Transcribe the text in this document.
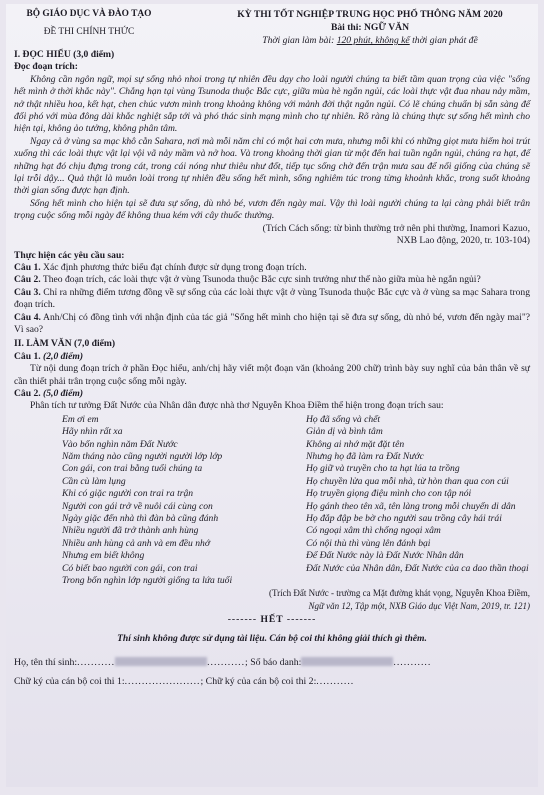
BỘ GIÁO DỤC VÀ ĐÀO TẠO
ĐỀ THI CHÍNH THỨC
KỲ THI TỐT NGHIỆP TRUNG HỌC PHỔ THÔNG NĂM 2020
Bài thi: NGỮ VĂN
Thời gian làm bài: 120 phút, không kể thời gian phát đề
I. ĐỌC HIỂU (3,0 điểm)
Đọc đoạn trích:

Không cần ngôn ngữ, mọi sự sống nhỏ nhoi trong tự nhiên đều dạy cho loài người chúng ta biết tầm quan trọng của việc "sống hết mình ở thời khắc này". Chẳng hạn tại vùng Tsunoda thuộc Bắc cực, giữa mùa hè ngắn ngủi, các loài thực vật đua nhau nảy mầm, nở thật nhiều hoa, kết hạt, chen chúc vươn mình trong khoảng không với mảnh đời thật ngắn ngủi. Có lẽ chúng chuẩn bị sẵn sàng để đối phó với mùa đông dài khắc nghiệt sắp tới và phó thác sinh mạng mình cho tự nhiên. Rõ ràng là chúng thực sự sống hết mình cho hiện tại, không ảo tưởng, không phân tâm.

Ngay cả ở vùng sa mạc khô cằn Sahara, nơi mà mỗi năm chỉ có một hai cơn mưa, nhưng mỗi khi có những giọt mưa hiếm hoi trút xuống thì các loài thực vật lại vội vã nảy mầm và nở hoa. Và trong khoảng thời gian từ một đến hai tuần ngắn ngủi, chúng ra hạt, để những hạt đó chịu đựng trong cát, trong cái nóng như thiêu như đốt, tiếp tục sống chờ đến trận mưa sau để nối giống của chúng sẽ lại trỗi dậy... Quả thật là muôn loài trong tự nhiên đều sống hết mình, sống nghiêm túc trong từng khoảnh khắc, trong suốt khoảng thời gian sống được hạn định.

Sống hết mình cho hiện tại sẽ đưa sự sống, dù nhỏ bé, vươn đến ngày mai. Vậy thì loài người chúng ta lại càng phải biết trân trọng cuộc sống mỗi ngày để không thua kém với cây thuốc thường.

(Trích Cách sống: từ bình thường trở nên phi thường, Inamori Kazuo,

NXB Lao động, 2020, tr. 103-104)

Thực hiện các yêu cầu sau:

Câu 1. Xác định phương thức biểu đạt chính được sử dụng trong đoạn trích.

Câu 2. Theo đoạn trích, các loài thực vật ở vùng Tsunoda thuộc Bắc cực sinh trưởng như thế nào giữa mùa hè ngắn ngủi?

Câu 3. Chỉ ra những điểm tương đồng về sự sống của các loài thực vật ở vùng Tsunoda thuộc Bắc cực và ở vùng sa mạc Sahara trong đoạn trích.

Câu 4. Anh/Chị có đồng tình với nhận định của tác giả "Sống hết mình cho hiện tại sẽ đưa sự sống, dù nhỏ bé, vươn đến ngày mai"? Vì sao?

II. LÀM VĂN (7,0 điểm)

Câu 1. (2,0 điểm)

Từ nội dung đoạn trích ở phần Đọc hiểu, anh/chị hãy viết một đoạn văn (khoảng 200 chữ) trình bày suy nghĩ của bản thân về sự cần thiết phải trân trọng cuộc sống mỗi ngày.

Câu 2. (5,0 điểm)

Phân tích tư tưởng Đất Nước của Nhân dân được nhà thơ Nguyễn Khoa Điềm thể hiện trong đoạn trích sau:

Em ơi em
Hãy nhìn rất xa
Vào bốn nghìn năm Đất Nước
Năm tháng nào cũng người người lớp lớp
Con gái, con trai bằng tuổi chúng ta
Cần cù làm lụng
Khi có giặc người con trai ra trận
Người con gái trở về nuôi cái cùng con
Ngày giặc đến nhà thì đàn bà cũng đánh
Nhiều người đã trở thành anh hùng
Nhiều anh hùng cả anh và em đều nhớ
Nhưng em biết không
Có biết bao người con gái, con trai
Trong bốn nghìn lớp người giống ta lứa tuổi
Họ đã sống và chết
Giản dị và bình tâm
Không ai nhớ mặt đặt tên
Nhưng họ đã làm ra Đất Nước
Họ giữ và truyền cho ta hạt lúa ta trồng
Họ chuyền lửa qua mỗi nhà, từ hòn than qua con cúi
Họ truyền giọng điệu mình cho con tập nói
Họ gánh theo tên xã, tên làng trong mỗi chuyến di dân
Họ đắp đập be bờ cho người sau trồng cây hái trái
Có ngoại xâm thì chống ngoại xâm
Có nội thù thì vùng lên đánh bại
Để Đất Nước này là Đất Nước Nhân dân
Đất Nước của Nhân dân, Đất Nước của ca dao thần thoại

(Trích Đất Nước - trường ca Mặt đường khát vọng, Nguyễn Khoa Điềm,

Ngữ văn 12, Tập một, NXB Giáo dục Việt Nam, 2019, tr. 121)

------- HẾT -------
Thí sinh không được sử dụng tài liệu. Cán bộ coi thi không giải thích gì thêm.
Họ, tên thí sinh: ...........	........... ; Số báo danh:	...........
Chữ ký của cán bộ coi thi 1: ........... ........... ; Chữ ký của cán bộ coi thi 2: ...........
